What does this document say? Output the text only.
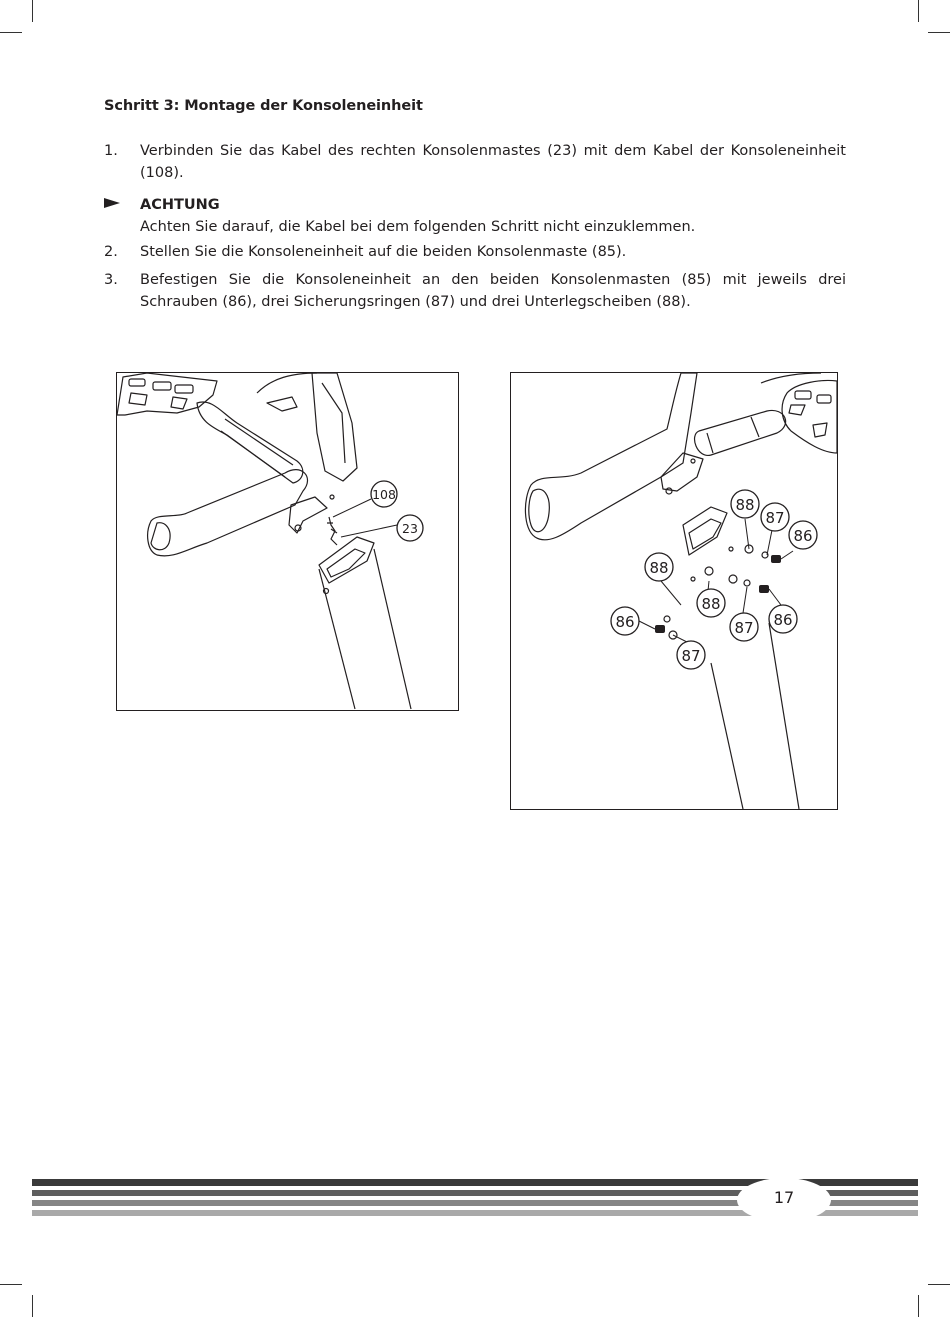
Schritt 3: Montage der Konsoleneinheit
1. Verbinden Sie das Kabel des rechten Konsolenmastes (23) mit dem Kabel der Konsoleneinheit (108).
ACHTUNG
Achten Sie darauf, die Kabel bei dem folgenden Schritt nicht einzuklemmen.
2. Stellen Sie die Konsoleneinheit auf die beiden Konsolenmaste (85).
3. Befestigen Sie die Konsoleneinheit an den beiden Konsolenmasten (85) mit jeweils drei Schrauben (86), drei Sicherungsringen (87) und drei Unterlegscheiben (88).
108
23
88
87
86
88
88
87 86
86
87
17
